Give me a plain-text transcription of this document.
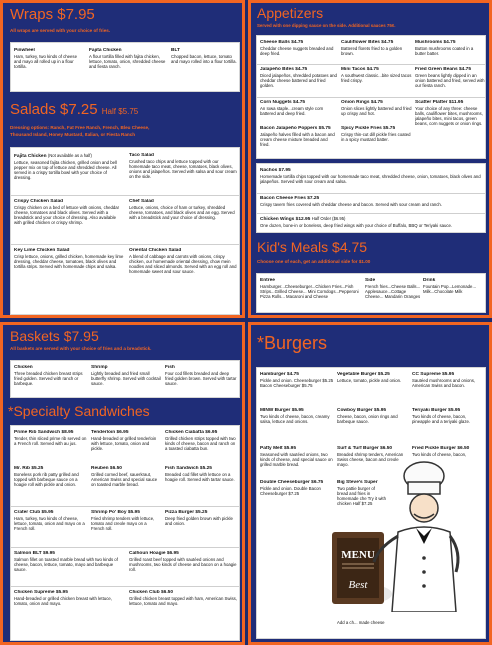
Wraps $7.95
All wraps are served with your choice of fries.
Pinwheel
Ham, turkey, two kinds of cheese and mayo all rolled up in a flour tortilla.
Fajita Chicken
A flour tortilla filled with fajita chicken, lettuce, tomato, onion, shredded cheese and fiesta ranch.
BLT
Chopped bacon, lettuce, tomato and mayo rolled into a flour tortilla.
Salads $7.25 Half $5.75
Dressing options: Ranch, Fat Free Ranch, French, Bleu Cheese,
Thousand Island, Honey Mustard, Italian, or Fiesta Ranch
Fajita Chicken (Not available as a half)
Lettuce, seasoned fajita chicken, grilled onion and bell pepper mix on top of lettuce and shredded cheese. All served in a crispy tortilla bowl with your choice of dressing.
Taco Salad
Crushed taco chips and lettuce topped with our homemade taco meat, cheese, tomatoes, black olives, onions and jalapeños. Served with salsa and sour cream on the side.
Crispy Chicken Salad
Crispy chicken on a bed of lettuce with onions, cheddar cheese, tomatoes and black olives. Served with a breadstick and your choice of dressing. Also available with grilled chicken or crispy shrimp.
Chef Salad
Lettuce, onions, choice of ham or turkey, shredded cheese, tomatoes, and black olives and an egg. Served with a breadstick and your choice of dressing.
Key Lime Chicken Salad
Crisp lettuce, onions, grilled chicken, homemade key lime dressing, cheddar cheese, tomatoes, black olives and tortilla strips. Served with homemade chips and salsa.
Oriental Chicken Salad
A blend of cabbage and carrots with onions, crispy chicken, our homemade oriental dressing, chow mein noodles and sliced almonds. Served with an egg roll and homemade sweet and sour sauce.
Appetizers
Served with one dipping sauce on the side. Additional sauces 75¢.
Cheese Balls $4.75
Cheddar cheese nuggets breaded and deep fried.
Cauliflower Bites $4.75
Battered florets fried to a golden brown.
Mushrooms $4.75
Button mushrooms coated in a butter batter.
Jalapeño Bites $4.75
Diced jalapeños, shredded potatoes and cheddar cheese battered and fried golden.
Mini Tacos $4.75
A southwest classic...bite sized tacos fried crispy.
Fried Green Beans $4.75
Green beans lightly dipped in an onion battered and fried, served with our fiesta ranch.
Corn Nuggets $4.75
An Iowa staple...cream style corn battered and deep fried.
Onion Rings $4.75
Onion slices lightly battered and fried up crispy and hot.
Scatter Platter $11.95
Your choice of any three: cheese balls, cauliflower bites, mushrooms, jalapeño bites, mini tacos, green beans, corn nuggets or onion rings.
Bacon Jalapeño Poppers $5.75
Jalapeño halves filled with a bacon and cream cheese mixture breaded and fried.
Spicy Pickle Fries $5.75
Crispy thin-cut dill pickle fries coated in a spicy mustard batter.
Nachos $7.95
Homemade tortilla chips topped with our homemade taco meat, shredded cheese, onion, tomatoes, black olives and jalapeños. Served with sour cream and salsa.
Bacon Cheese Fries $7.25
Crispy tavern fries covered with cheddar cheese and bacon. Served with sour cream and ranch.
Chicken Wings $12.95 Half Order ($6.95)
One dozen, bone-in or boneless, deep fried wings with your choice of Buffalo, BBQ or Teriyaki sauce.
Kid's Meals $4.75
Choose one of each, get an additional side for $1.00
Entrée
Hamburger...Cheeseburger...Chicken Fries...Fish Strips...Grilled Cheese... Mini Corndogs...Pepperoni Pizza Rolls... Macaroni and Cheese
Side
French fries...Cheese Balls... Applesauce...Cottage Cheese... Mandarin Oranges
Drink
Fountain Pop...Lemonade... Milk...Chocolate Milk
Baskets $7.95
All baskets are served with your choice of fries and a breadstick.
Chicken
Three breaded chicken breast strips fried golden. Served with ranch or barbeque.
Shrimp
Lightly breaded and fried small butterfly shrimp. Served with cocktail sauce.
Fish
Four cod fillets breaded and deep fried golden brown. Served with tartar sauce.
*Specialty Sandwiches
Prime Rib Sandwich $8.95
Tender, thin sliced prime rib served on a French roll. Served with au jus.
Tenderloin $6.95
Hand-breaded or grilled tenderloin with lettuce, tomato, onion and pickle.
Chicken Ciabatta $6.95
Grilled chicken strips topped with two kinds of cheese, bacon and ranch on a toasted ciabatta bun.
Mr. Rib $5.25
Boneless pork rib patty grilled and topped with barbeque sauce on a hoagie roll with pickle and onion.
Reuben $6.50
Grilled corned beef, sauerkraut, American Swiss and special sauce on toasted marble bread.
Fish Sandwich $5.25
Breaded cod fillet with lettuce on a hoagie roll. Served with tartar sauce.
Crater Club $5.95
Ham, turkey, two kinds of cheese, lettuce, tomato, onion and mayo on a French roll.
Shrimp Po' Boy $5.95
Fried shrimp tenders with lettuce, tomato and creole mayo on a French roll.
Pizza Burger $5.25
Deep fried golden brown with pickle and onion.
Salmon BLT $9.95
Salmon fillet on toasted marble bread with two kinds of cheese, bacon, lettuce, tomato, mayo and barbeque sauce.
Calhoun Hoagie $6.95
Grilled roast beef topped with sautéed onions and mushrooms, two kinds of cheese and bacon on a hoagie roll.
Chicken Supreme $5.95
Hand-breaded or grilled chicken breast with lettuce, tomato, onion and mayo.
Chicken Club $6.50
Grilled chicken breast topped with ham, American Swiss, lettuce, tomato and mayo.
*Burgers
Hamburger $4.75
Pickle and onion. Cheeseburger $5.25 Bacon Cheeseburger $5.75
Vegetable Burger $5.25
Lettuce, tomato, pickle and onion.
CC Supreme $5.95
Sautéed mushrooms and onions, American Swiss and bacon.
MINW Burger $5.95
Two kinds of cheese, bacon, creamy salsa, lettuce and onions.
Cowboy Burger $5.95
Cheese, bacon, onion rings and barbeque sauce.
Teriyaki Burger $5.95
Two kinds of cheese, bacon, pineapple and a teriyaki glaze.
Patty Melt $5.95
Seasoned with sautéed onions, two kinds of cheese, and special sauce on grilled marble bread.
Surf & Turf Burger $6.50
Breaded shrimp tenders, American Swiss cheese, bacon and creole mayo.
Fried Pickle Burger $6.50
Two kinds of cheese, bacon,
Double Cheeseburger $6.75
Pickle and onion. Double Bacon Cheeseburger $7.25
Big Steve's Super
Two pattie burger of bread and fries in homemade che Try it with chicken Half $7.25
Add a ch... made cheese
MENU
Best
